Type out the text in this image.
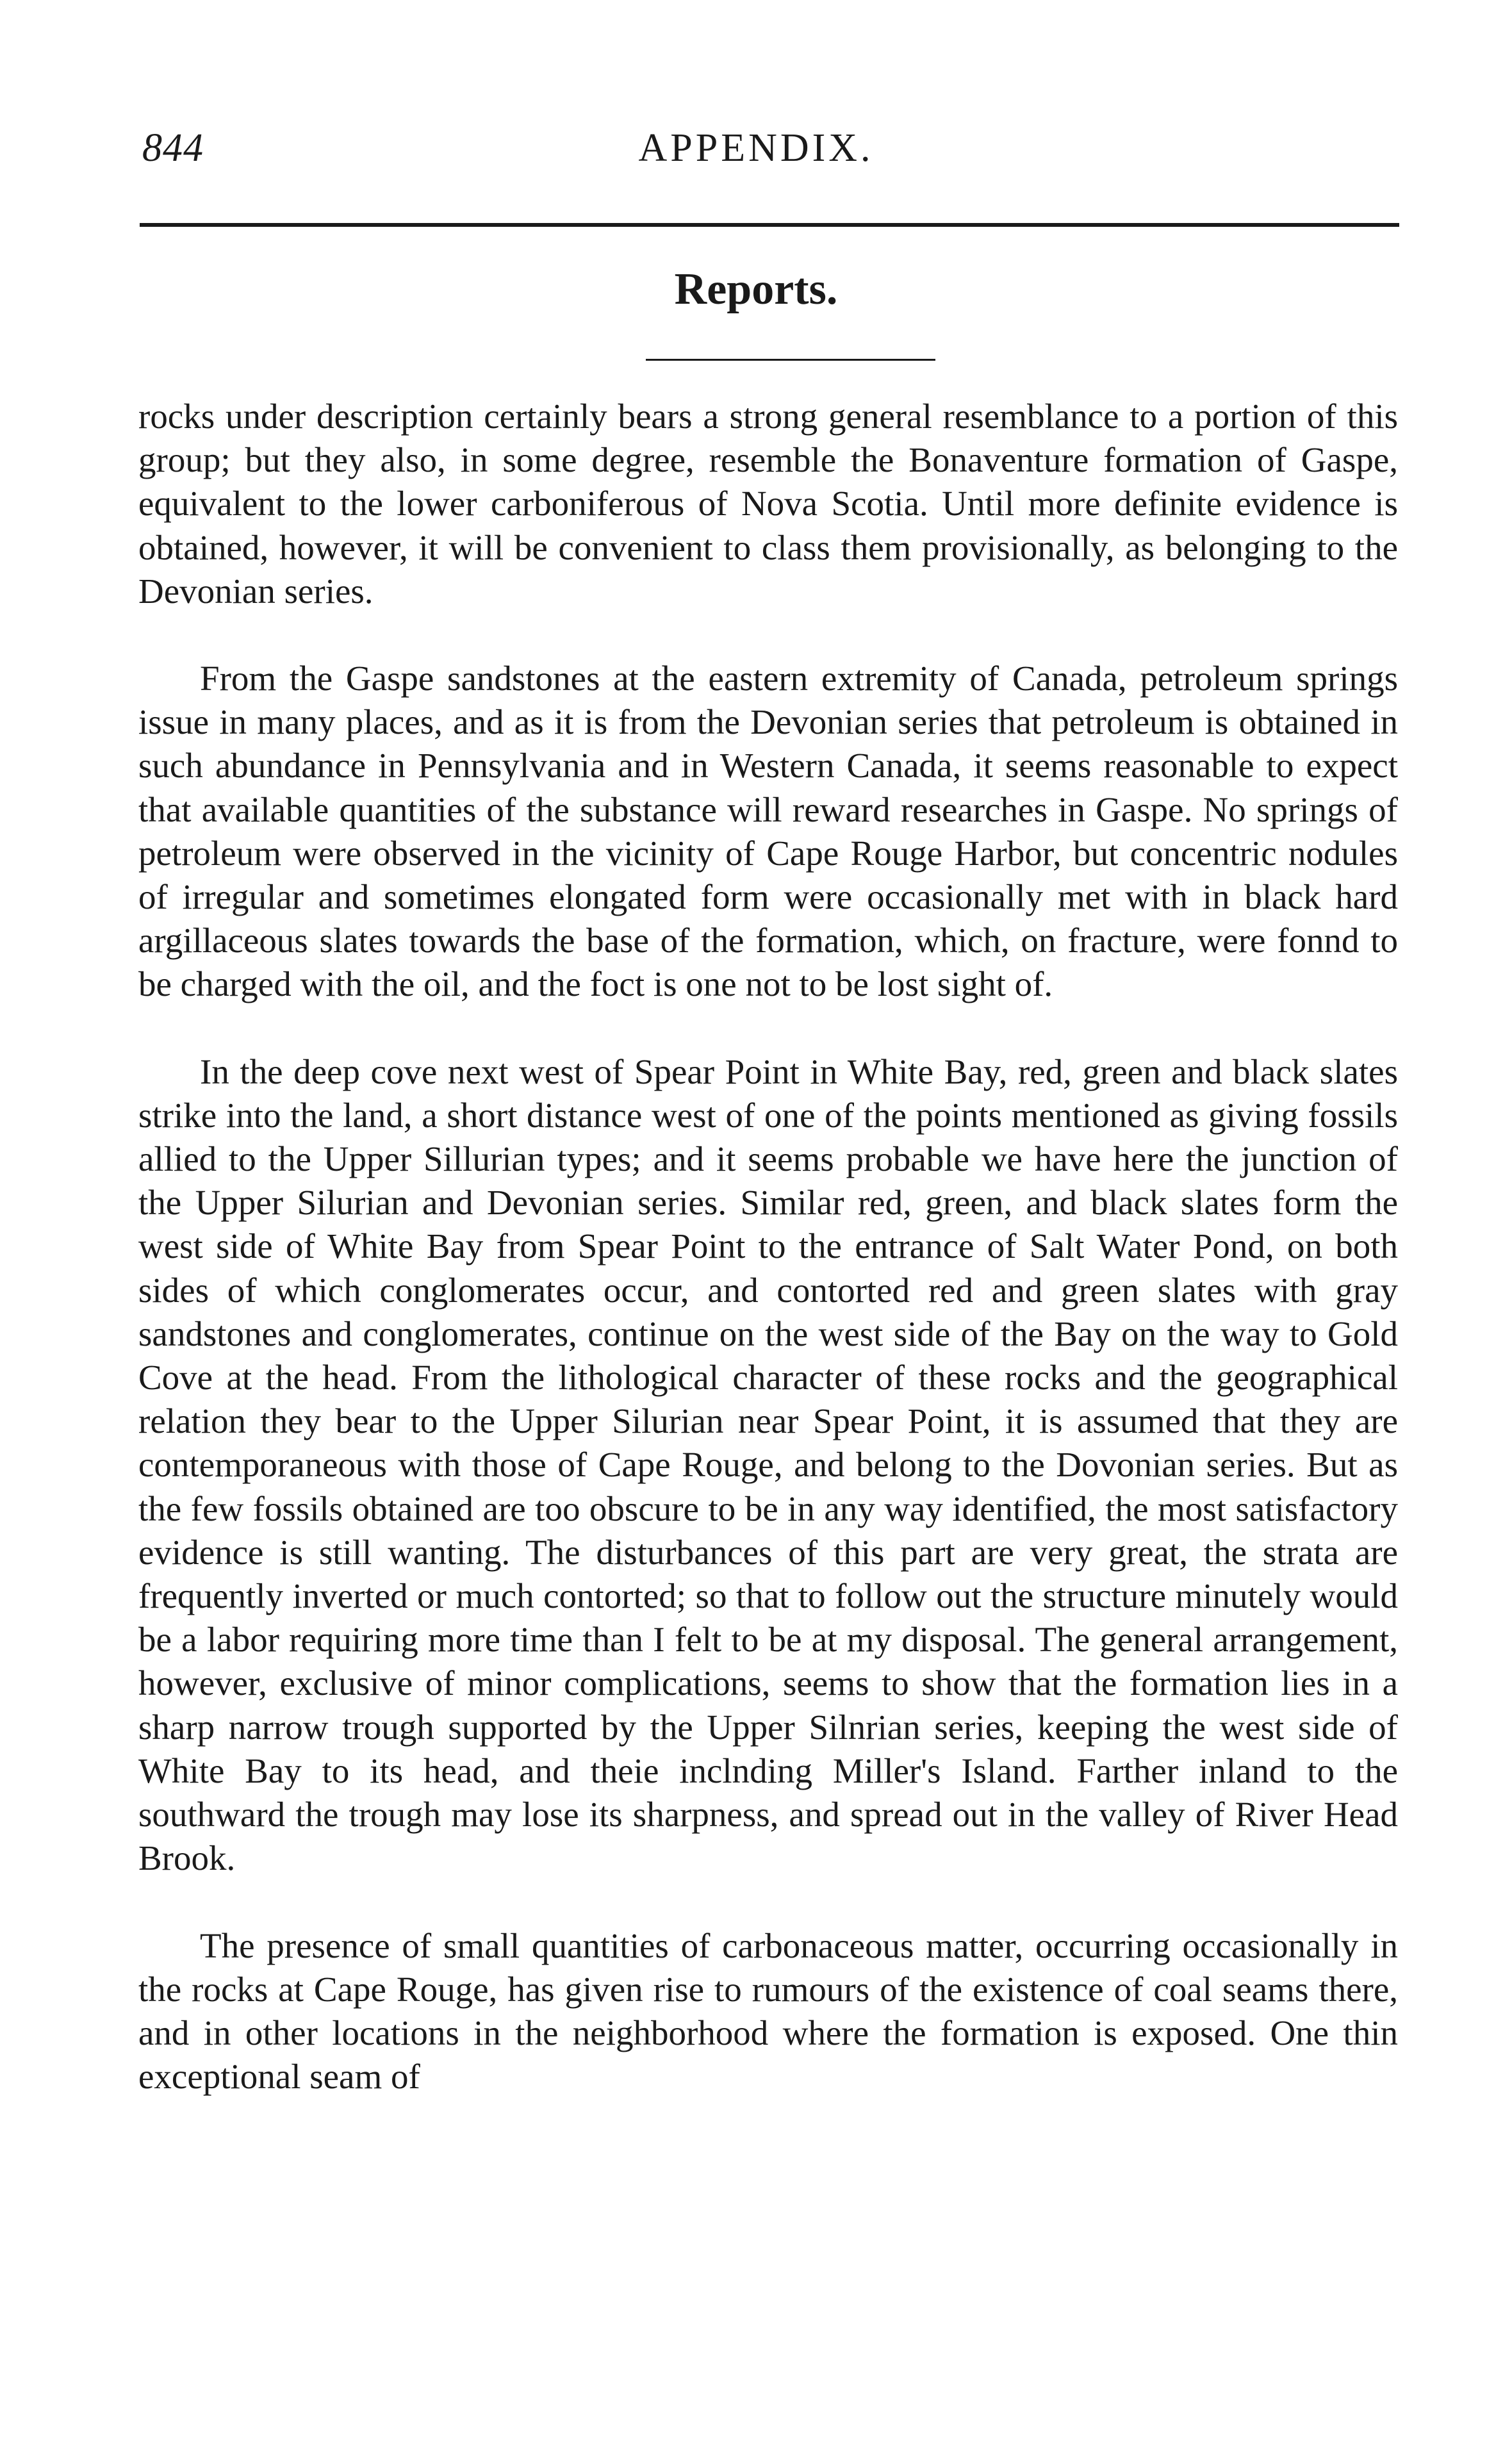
844	APPENDIX.
Reports.

rocks under description certainly bears a strong general resemblance to a portion of this group; but they also, in some degree, resemble the Bonaventure formation of Gaspe, equivalent to the lower carboniferous of Nova Scotia. Until more definite evidence is obtained, however, it will be convenient to class them provisionally, as belonging to the Devonian series.

From the Gaspe sandstones at the eastern extremity of Canada, petroleum springs issue in many places, and as it is from the Devonian series that petroleum is obtained in such abundance in Pennsylvania and in Western Canada, it seems reasonable to expect that available quantities of the substance will reward researches in Gaspe. No springs of petroleum were observed in the vicinity of Cape Rouge Harbor, but concentric nodules of irregular and sometimes elongated form were occasionally met with in black hard argillaceous slates towards the base of the formation, which, on fracture, were fonnd to be charged with the oil, and the foct is one not to be lost sight of.

In the deep cove next west of Spear Point in White Bay, red, green and black slates strike into the land, a short distance west of one of the points mentioned as giving fossils allied to the Upper Sillurian types; and it seems probable we have here the junction of the Upper Silurian and Devonian series. Similar red, green, and black slates form the west side of White Bay from Spear Point to the entrance of Salt Water Pond, on both sides of which conglomerates occur, and contorted red and green slates with gray sandstones and conglomerates, continue on the west side of the Bay on the way to Gold Cove at the head. From the lithological character of these rocks and the geographical relation they bear to the Upper Silurian near Spear Point, it is assumed that they are contemporaneous with those of Cape Rouge, and belong to the Dovonian series. But as the few fossils obtained are too obscure to be in any way identified, the most satisfactory evidence is still wanting. The disturbances of this part are very great, the strata are frequently inverted or much contorted; so that to follow out the structure minutely would be a labor requiring more time than I felt to be at my disposal. The general arrangement, however, exclusive of minor complications, seems to show that the formation lies in a sharp narrow trough supported by the Upper Silnrian series, keeping the west side of White Bay to its head, and theie inclnding Miller's Island. Farther inland to the southward the trough may lose its sharpness, and spread out in the valley of River Head Brook.

The presence of small quantities of carbonaceous matter, occurring occasionally in the rocks at Cape Rouge, has given rise to rumours of the existence of coal seams there, and in other locations in the neighborhood where the formation is exposed. One thin exceptional seam of
